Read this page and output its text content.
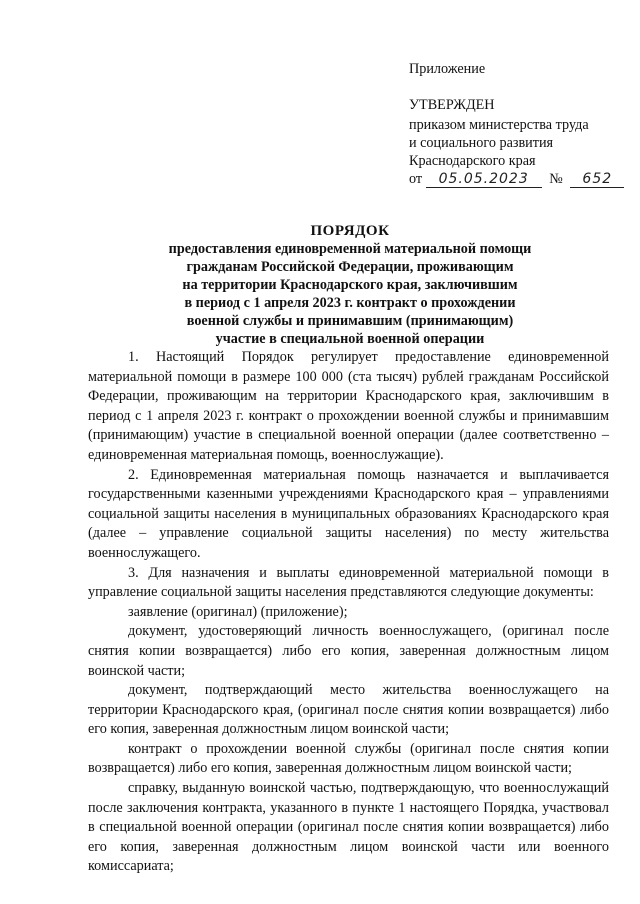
Приложение
УТВЕРЖДЕН
приказом министерства труда
и социального развития
Краснодарского края
от 05.05.2023 № 652
ПОРЯДОК
предоставления единовременной материальной помощи
гражданам Российской Федерации, проживающим
на территории Краснодарского края, заключившим
в период с 1 апреля 2023 г. контракт о прохождении
военной службы и принимавшим (принимающим)
участие в специальной военной операции

1. Настоящий Порядок регулирует предоставление единовременной материальной помощи в размере 100 000 (ста тысяч) рублей гражданам Российской Федерации, проживающим на территории Краснодарского края, заключившим в период с 1 апреля 2023 г. контракт о прохождении военной службы и принимавшим (принимающим) участие в специальной военной операции (далее соответственно – единовременная материальная помощь, военнослужащие).

2. Единовременная материальная помощь назначается и выплачивается государственными казенными учреждениями Краснодарского края – управлениями социальной защиты населения в муниципальных образованиях Краснодарского края (далее – управление социальной защиты населения) по месту жительства военнослужащего.

3. Для назначения и выплаты единовременной материальной помощи в управление социальной защиты населения представляются следующие документы:

заявление (оригинал) (приложение);

документ, удостоверяющий личность военнослужащего, (оригинал после снятия копии возвращается) либо его копия, заверенная должностным лицом воинской части;

документ, подтверждающий место жительства военнослужащего на территории Краснодарского края, (оригинал после снятия копии возвращается) либо его копия, заверенная должностным лицом воинской части;

контракт о прохождении военной службы (оригинал после снятия копии возвращается) либо его копия, заверенная должностным лицом воинской части;

справку, выданную воинской частью, подтверждающую, что военнослужащий после заключения контракта, указанного в пункте 1 настоящего Порядка, участвовал в специальной военной операции (оригинал после снятия копии возвращается) либо его копия, заверенная должностным лицом воинской части или военного комиссариата;
